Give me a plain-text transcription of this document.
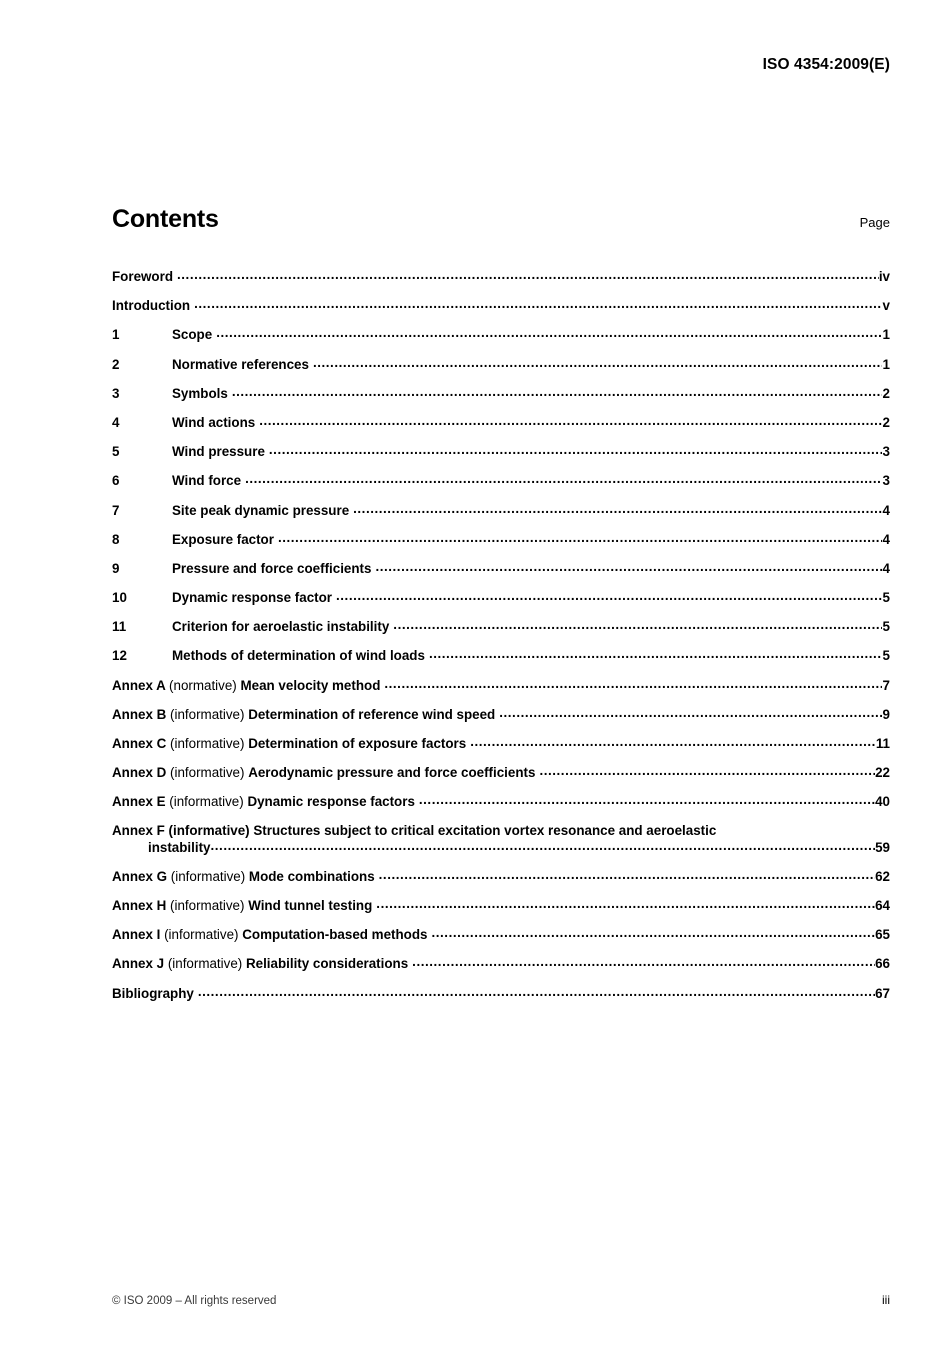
ISO 4354:2009(E)
Contents	Page
Foreword .....	iv
Introduction .....	v
1	Scope .....	1
2	Normative references .....	1
3	Symbols .....	2
4	Wind actions .....	2
5	Wind pressure .....	3
6	Wind force .....	3
7	Site peak dynamic pressure .....	4
8	Exposure factor .....	4
9	Pressure and force coefficients .....	4
10	Dynamic response factor .....	5
11	Criterion for aeroelastic instability .....	5
12	Methods of determination of wind loads .....	5
Annex A (normative) Mean velocity method .....	7
Annex B (informative) Determination of reference wind speed .....	9
Annex C (informative) Determination of exposure factors .....	11
Annex D (informative) Aerodynamic pressure and force coefficients .....	22
Annex E (informative) Dynamic response factors .....	40
Annex F (informative) Structures subject to critical excitation vortex resonance and aeroelastic
instability .....	59
Annex G (informative) Mode combinations .....	62
Annex H (informative) Wind tunnel testing .....	64
Annex I (informative) Computation-based methods .....	65
Annex J (informative) Reliability considerations .....	66
Bibliography .....	67
© ISO 2009 – All rights reserved	iii
